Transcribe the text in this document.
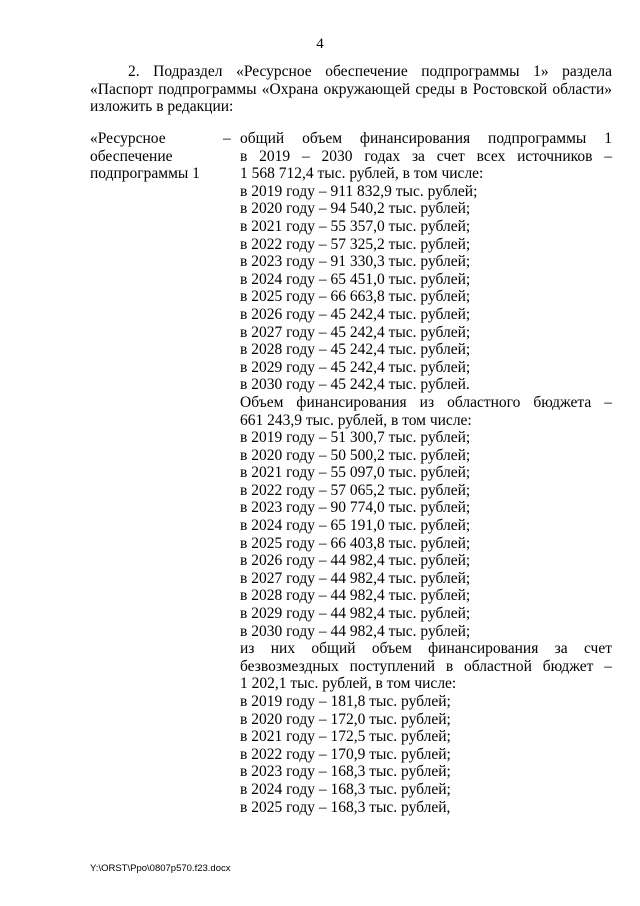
4
2. Подраздел «Ресурсное обеспечение подпрограммы 1» раздела
«Паспорт подпрограммы «Охрана окружающей среды в Ростовской области»
изложить в редакции:
«Ресурсное
обеспечение
подпрограммы 1
– общий объем финансирования подпрограммы 1
в 2019 – 2030 годах за счет всех источников –
1 568 712,4 тыс. рублей, в том числе:
в 2019 году – 911 832,9 тыс. рублей;
в 2020 году – 94 540,2 тыс. рублей;
в 2021 году – 55 357,0 тыс. рублей;
в 2022 году – 57 325,2 тыс. рублей;
в 2023 году – 91 330,3 тыс. рублей;
в 2024 году – 65 451,0 тыс. рублей;
в 2025 году – 66 663,8 тыс. рублей;
в 2026 году – 45 242,4 тыс. рублей;
в 2027 году – 45 242,4 тыс. рублей;
в 2028 году – 45 242,4 тыс. рублей;
в 2029 году – 45 242,4 тыс. рублей;
в 2030 году – 45 242,4 тыс. рублей.
Объем финансирования из областного бюджета –
661 243,9 тыс. рублей, в том числе:
в 2019 году – 51 300,7 тыс. рублей;
в 2020 году – 50 500,2 тыс. рублей;
в 2021 году – 55 097,0 тыс. рублей;
в 2022 году – 57 065,2 тыс. рублей;
в 2023 году – 90 774,0 тыс. рублей;
в 2024 году – 65 191,0 тыс. рублей;
в 2025 году – 66 403,8 тыс. рублей;
в 2026 году – 44 982,4 тыс. рублей;
в 2027 году – 44 982,4 тыс. рублей;
в 2028 году – 44 982,4 тыс. рублей;
в 2029 году – 44 982,4 тыс. рублей;
в 2030 году – 44 982,4 тыс. рублей;
из них общий объем финансирования за счет
безвозмездных поступлений в областной бюджет –
1 202,1 тыс. рублей, в том числе:
в 2019 году – 181,8 тыс. рублей;
в 2020 году – 172,0 тыс. рублей;
в 2021 году – 172,5 тыс. рублей;
в 2022 году – 170,9 тыс. рублей;
в 2023 году – 168,3 тыс. рублей;
в 2024 году – 168,3 тыс. рублей;
в 2025 году – 168,3 тыс. рублей,
Y:\ORST\Ppo\0807p570.f23.docx
